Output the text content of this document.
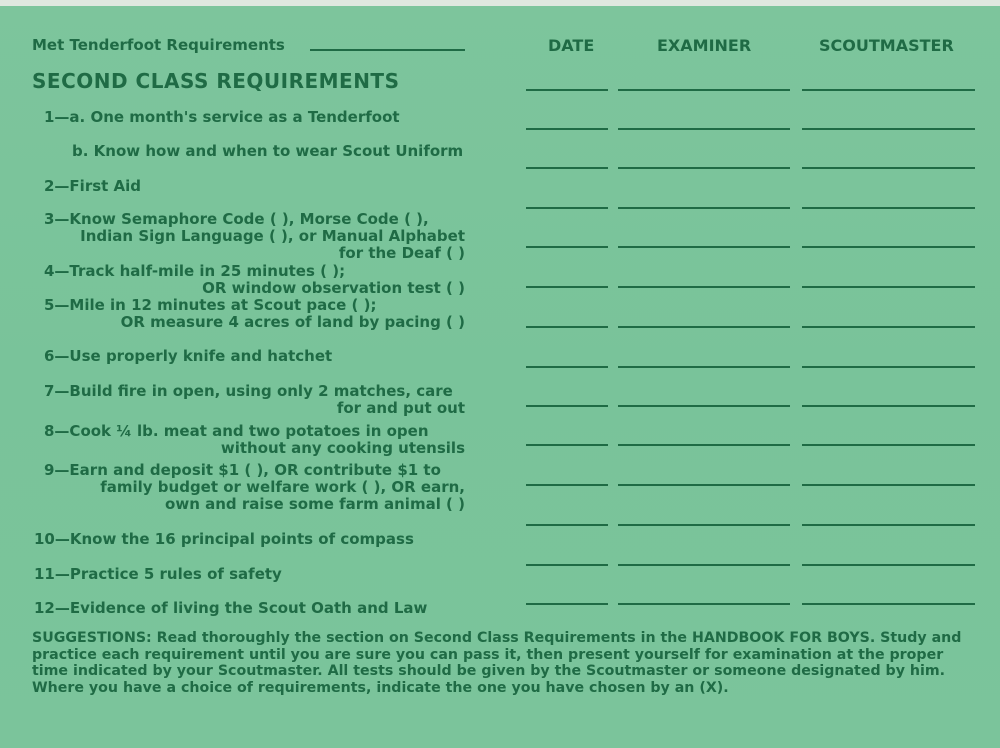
Met Tenderfoot Requirements
SECOND CLASS REQUIREMENTS
DATE	EXAMINER	SCOUTMASTER
1—a. One month's service as a Tenderfoot
b. Know how and when to wear Scout Uniform
2—First Aid
3—Know Semaphore Code ( ), Morse Code ( ),
Indian Sign Language ( ), or Manual Alphabet
for the Deaf ( )
4—Track half-mile in 25 minutes ( );
OR window observation test ( )
5—Mile in 12 minutes at Scout pace ( );
OR measure 4 acres of land by pacing ( )
6—Use properly knife and hatchet
7—Build fire in open, using only 2 matches, care
for and put out
8—Cook ¼ lb. meat and two potatoes in open
without any cooking utensils
9—Earn and deposit $1 ( ), OR contribute $1 to
family budget or welfare work ( ), OR earn,
own and raise some farm animal ( )
10—Know the 16 principal points of compass
11—Practice 5 rules of safety
12—Evidence of living the Scout Oath and Law
SUGGESTIONS: Read thoroughly the section on Second Class Requirements in the HANDBOOK FOR BOYS. Study and practice each requirement until you are sure you can pass it, then present yourself for examination at the proper time indicated by your Scoutmaster. All tests should be given by the Scoutmaster or someone designated by him. Where you have a choice of requirements, indicate the one you have chosen by an (X).
